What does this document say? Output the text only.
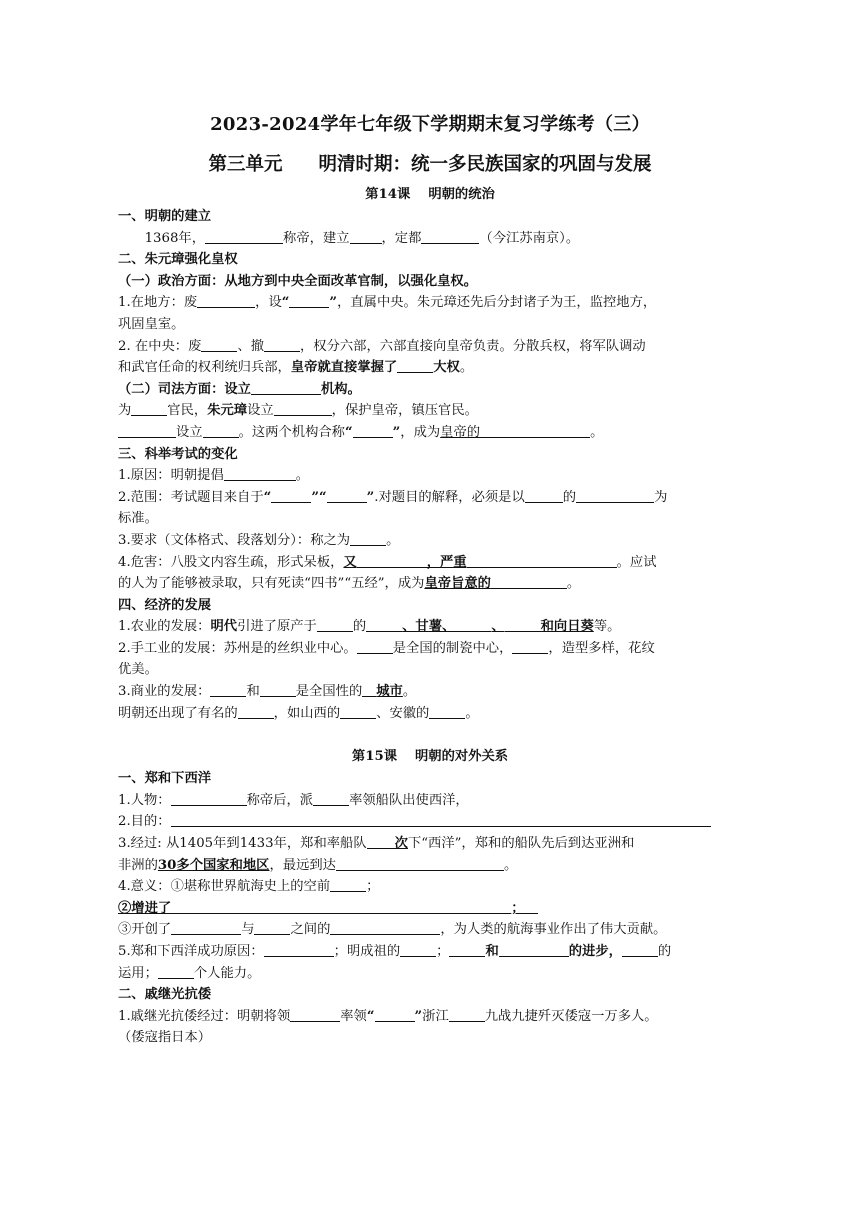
2023-2024学年七年级下学期期末复习学练考（三）
第三单元 明清时期：统一多民族国家的巩固与发展
第14课 明朝的统治

一、明朝的建立

1368年，	称帝，建立 ，定都	（今江苏南京）。

二、朱元璋强化皇权

（一）政治方面：从地方到中央全面改革官制，以强化皇权。

1.在地方：废	，设“	”，直属中央。朱元璋还先后分封诸子为王，监控地方，

巩固皇室。

2. 在中央：废	、撤	，权分六部，六部直接向皇帝负责。分散兵权，将军队调动

和武官任命的权利统归兵部，皇帝就直接掌握了	大权。

（二）司法方面：设立	机构。

为	官民，朱元璋设立	，保护皇帝，镇压官民。

设立	。这两个机构合称“	”，成为皇帝的	。

三、科举考试的变化

1.原因：明朝提倡	。

2.范围：考试题目来自于“	”“	”.对题目的解释，必须是以	的	为

标准。

3.要求（文体格式、段落划分）：称之为	。

4.危害：八股文内容生疏，形式呆板，又	，严重	。应试

的人为了能够被录取，只有死读“四书”“五经”，成为皇帝旨意的	。

四、经济的发展

1.农业的发展：明代引进了原产于	的	、甘薯、	、	和向日葵等。

2.手工业的发展：苏州是的丝织业中心。	是全国的制瓷中心，	，造型多样，花纹

优美。

3.商业的发展：	和	是全国性的 城市。

明朝还出现了有名的	，如山西的	、安徽的	。

第15课 明朝的对外关系

一、郑和下西洋

1.人物：	称帝后，派	率领船队出使西洋，

2.目的：

3.经过: 从1405年到1433年，郑和率船队 次下“西洋”，郑和的船队先后到达亚洲和

非洲的30多个国家和地区，最远到达	。

4.意义：①堪称世界航海史上的空前	；

②增进了	；

③开创了	与	之间的	，为人类的航海事业作出了伟大贡献。

5.郑和下西洋成功原因：	；明成祖的	；	和	的进步，	的

运用；	个人能力。

二、戚继光抗倭

1.戚继光抗倭经过：明朝将领	率领“	”浙江	九战九捷歼灭倭寇一万多人。

（倭寇指日本）
